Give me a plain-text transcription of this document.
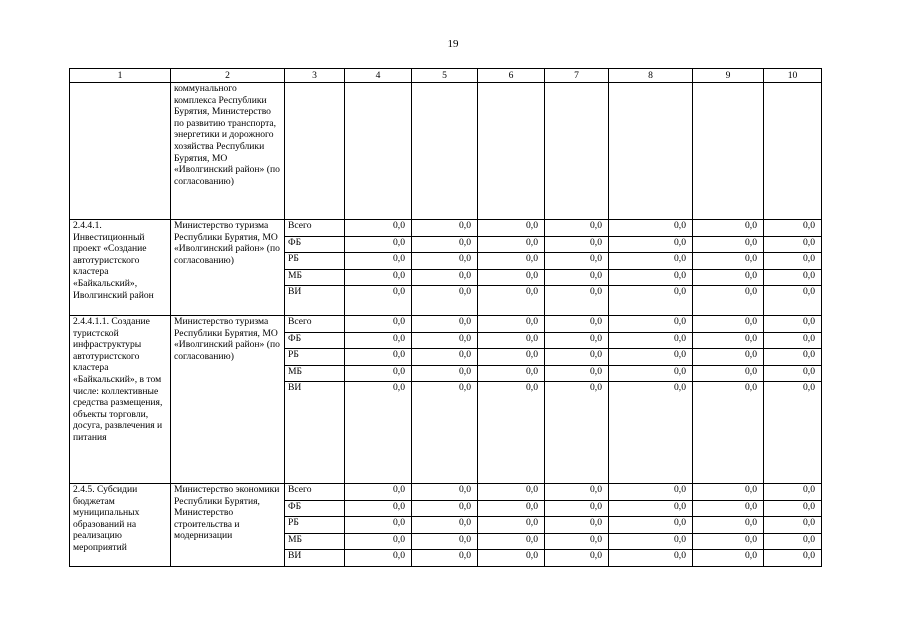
19
1	2	3	4	5	6	7	8	9	10
	коммунального комплекса Республики Бурятия, Министерство по развитию транспорта, энергетики и дорожного хозяйства Республики Бурятия, МО «Иволгинский район» (по согласованию)								
2.4.4.1. Инвестиционный проект «Создание автотуристского кластера «Байкальский», Иволгинский район	Министерство туризма Республики Бурятия, МО «Иволгинский район» (по согласованию)	Всего	0,0	0,0	0,0	0,0	0,0	0,0	0,0
		ФБ	0,0	0,0	0,0	0,0	0,0	0,0	0,0
		РБ	0,0	0,0	0,0	0,0	0,0	0,0	0,0
		МБ	0,0	0,0	0,0	0,0	0,0	0,0	0,0
		ВИ	0,0	0,0	0,0	0,0	0,0	0,0	0,0
2.4.4.1.1. Создание туристской инфраструктуры автотуристского кластера «Байкальский», в том числе: коллективные средства размещения, объекты торговли, досуга, развлечения и питания	Министерство туризма Республики Бурятия, МО «Иволгинский район» (по согласованию)	Всего	0,0	0,0	0,0	0,0	0,0	0,0	0,0
		ФБ	0,0	0,0	0,0	0,0	0,0	0,0	0,0
		РБ	0,0	0,0	0,0	0,0	0,0	0,0	0,0
		МБ	0,0	0,0	0,0	0,0	0,0	0,0	0,0
		ВИ	0,0	0,0	0,0	0,0	0,0	0,0	0,0
2.4.5. Субсидии бюджетам муниципальных образований на реализацию мероприятий	Министерство экономики Республики Бурятия, Министерство строительства и модернизации	Всего	0,0	0,0	0,0	0,0	0,0	0,0	0,0
		ФБ	0,0	0,0	0,0	0,0	0,0	0,0	0,0
		РБ	0,0	0,0	0,0	0,0	0,0	0,0	0,0
		МБ	0,0	0,0	0,0	0,0	0,0	0,0	0,0
		ВИ	0,0	0,0	0,0	0,0	0,0	0,0	0,0
